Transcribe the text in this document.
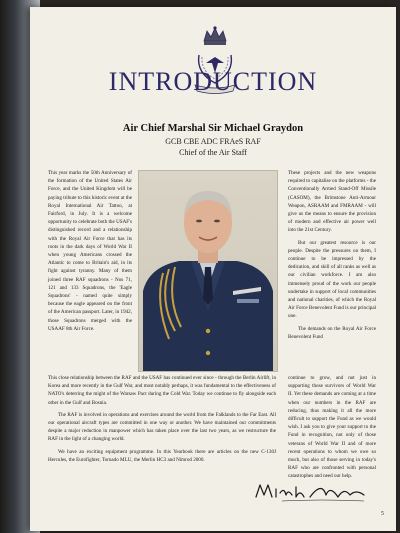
INTRODUCTION
Air Chief Marshal Sir Michael Graydon
GCB CBE ADC FRAeS RAF
Chief of the Air Staff

This year marks the 50th Anniversary of the formation of the United States Air Force, and the United Kingdom will be paying tribute to this historic event at the Royal International Air Tattoo, at Fairford, in July. It is a welcome opportunity to celebrate both the USAF's distinguished record and a relationship with the Royal Air Force that has its roots in the dark days of World War II when young Americans crossed the Atlantic to come to Britain's aid, in its fight against tyranny. Many of them joined three RAF squadrons - Nos 71, 121 and 133 Squadrons, the 'Eagle Squadrons' - named quite simply because the eagle appeared on the front of the American passport. Later, in 1942, those Squadrons merged with the USAAF 8th Air Force.

These projects and the new weapons required to capitalise on the platforms - the Conventionally Armed Stand-Off Missile (CASOM), the Brimstone Anti-Armour Weapon, ASRAAM and FMRAAM - will give us the means to ensure the provision of modern and effective air power well into the 21st Century.

But our greatest resource is our people. Despite the pressures on them, I continue to be impressed by the dedication, and skill of all ranks as well as our civilian workforce. I am also immensely proud of the work our people undertake in support of local communities and national charities, of which the Royal Air Force Benevolent Fund is our principal one.

The demands on the Royal Air Force Benevolent Fund

This close relationship between the RAF and the USAF has continued ever since - through the Berlin Airlift, in Korea and more recently in the Gulf War, and most notably perhaps, it was fundamental to the effectiveness of NATO's deterring the might of the Warsaw Pact during the Cold War. Today we continue to fly alongside each other in the Gulf and Bosnia.

The RAF is involved in operations and exercises around the world from the Falklands to the Far East. All our operational aircraft types are committed in one way or another. We have maintained our commitments despite a major reduction in manpower which has taken place over the last two years, as we restructure the RAF in the light of a changing world.

We have an exciting equipment programme. In this Yearbook there are articles on the new C-130J Hercules, the Eurofighter, Tornado MLU, the Merlin HC3 and Nimrod 2000.

continue to grow, and not just in supporting those survivors of World War II. Yet these demands are coming at a time when our numbers in the RAF are reducing, thus making it all the more difficult to support the Fund as we would wish. I ask you to give your support to the Fund in recognition, not only of those veterans of World War II and of more recent operations to whom we owe so much, but also of those serving in today's RAF who are confronted with personal catastrophes and need our help.

5
